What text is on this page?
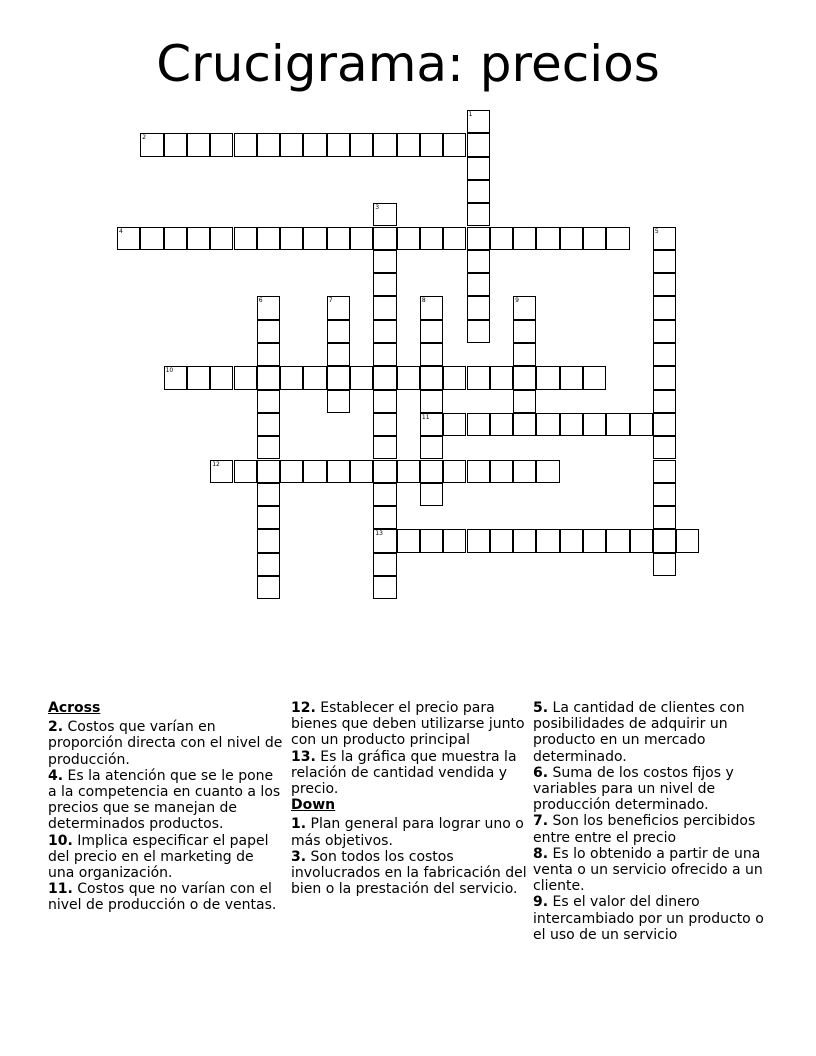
Crucigrama: precios
1
2
3
13
4	5
6	7	8
11
9
10
12

Across

2. Costos que varían en proporción directa con el nivel de producción.

4. Es la atención que se le pone a la competencia en cuanto a los precios que se manejan de determinados productos.

10. Implica especificar el papel del precio en el marketing de una organización.

11. Costos que no varían con el nivel de producción o de ventas.

12. Establecer el precio para bienes que deben utilizarse junto con un producto principal

13. Es la gráfica que muestra la relación de cantidad vendida y precio.

Down

1. Plan general para lograr uno o más objetivos.

3. Son todos los costos involucrados en la fabricación del bien o la prestación del servicio.

5. La cantidad de clientes con posibilidades de adquirir un producto en un mercado determinado.

6. Suma de los costos fijos y variables para un nivel de producción determinado.

7. Son los beneficios percibidos entre entre el precio

8. Es lo obtenido a partir de una venta o un servicio ofrecido a un cliente.

9. Es el valor del dinero intercambiado por un producto o el uso de un servicio
